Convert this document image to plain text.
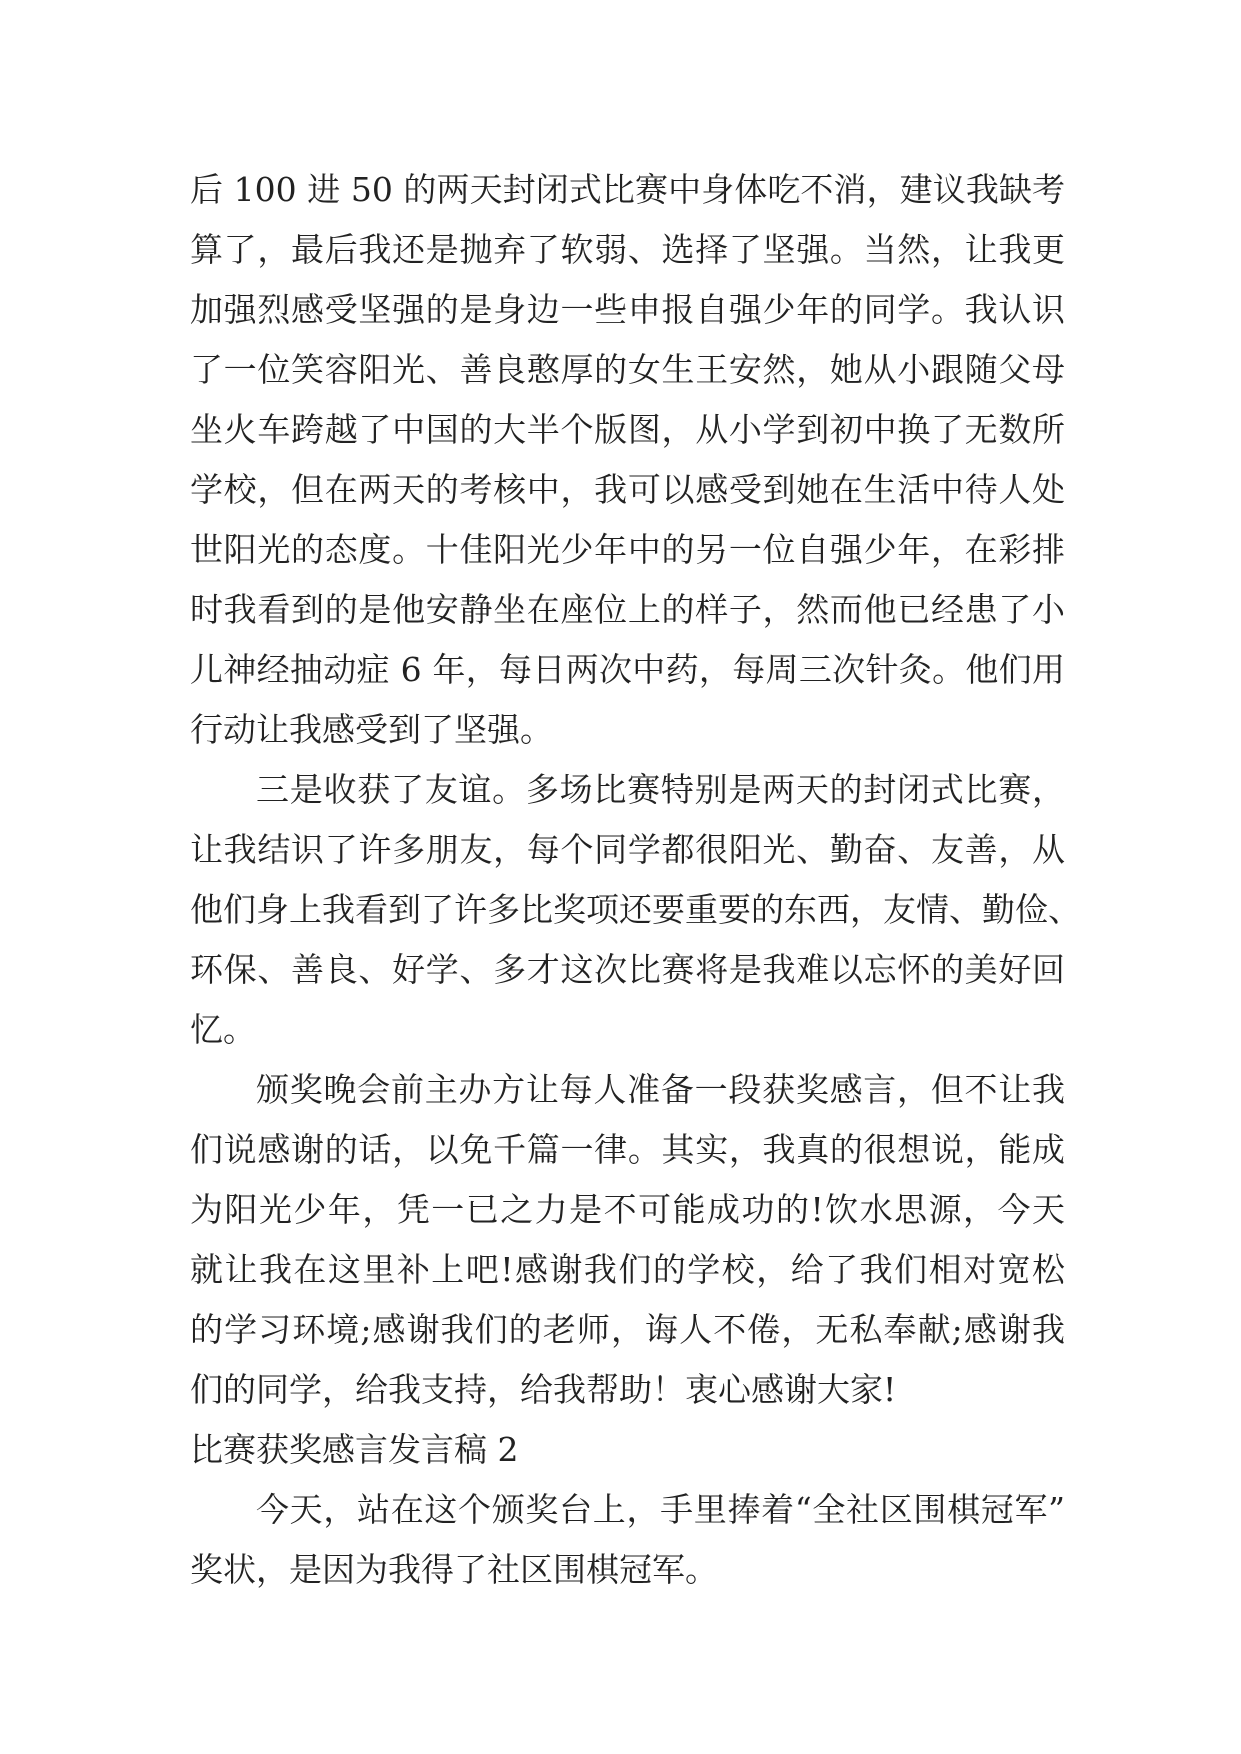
后 100 进 50 的两天封闭式比赛中身体吃不消，建议我缺考
算了，最后我还是抛弃了软弱、选择了坚强。当然，让我更
加强烈感受坚强的是身边一些申报自强少年的同学。我认识
了一位笑容阳光、善良憨厚的女生王安然，她从小跟随父母
坐火车跨越了中国的大半个版图，从小学到初中换了无数所
学校，但在两天的考核中，我可以感受到她在生活中待人处
世阳光的态度。十佳阳光少年中的另一位自强少年，在彩排
时我看到的是他安静坐在座位上的样子，然而他已经患了小
儿神经抽动症 6 年，每日两次中药，每周三次针灸。他们用
行动让我感受到了坚强。
三是收获了友谊。多场比赛特别是两天的封闭式比赛，
让我结识了许多朋友，每个同学都很阳光、勤奋、友善，从
他们身上我看到了许多比奖项还要重要的东西，友情、勤俭、
环保、善良、好学、多才这次比赛将是我难以忘怀的美好回
忆。
颁奖晚会前主办方让每人准备一段获奖感言，但不让我
们说感谢的话，以免千篇一律。其实，我真的很想说，能成
为阳光少年，凭一已之力是不可能成功的!饮水思源，今天
就让我在这里补上吧!感谢我们的学校，给了我们相对宽松
的学习环境;感谢我们的老师，诲人不倦，无私奉献;感谢我
们的同学，给我支持，给我帮助！衷心感谢大家!
比赛获奖感言发言稿 2
今天，站在这个颁奖台上，手里捧着“全社区围棋冠军”
奖状，是因为我得了社区围棋冠军。
